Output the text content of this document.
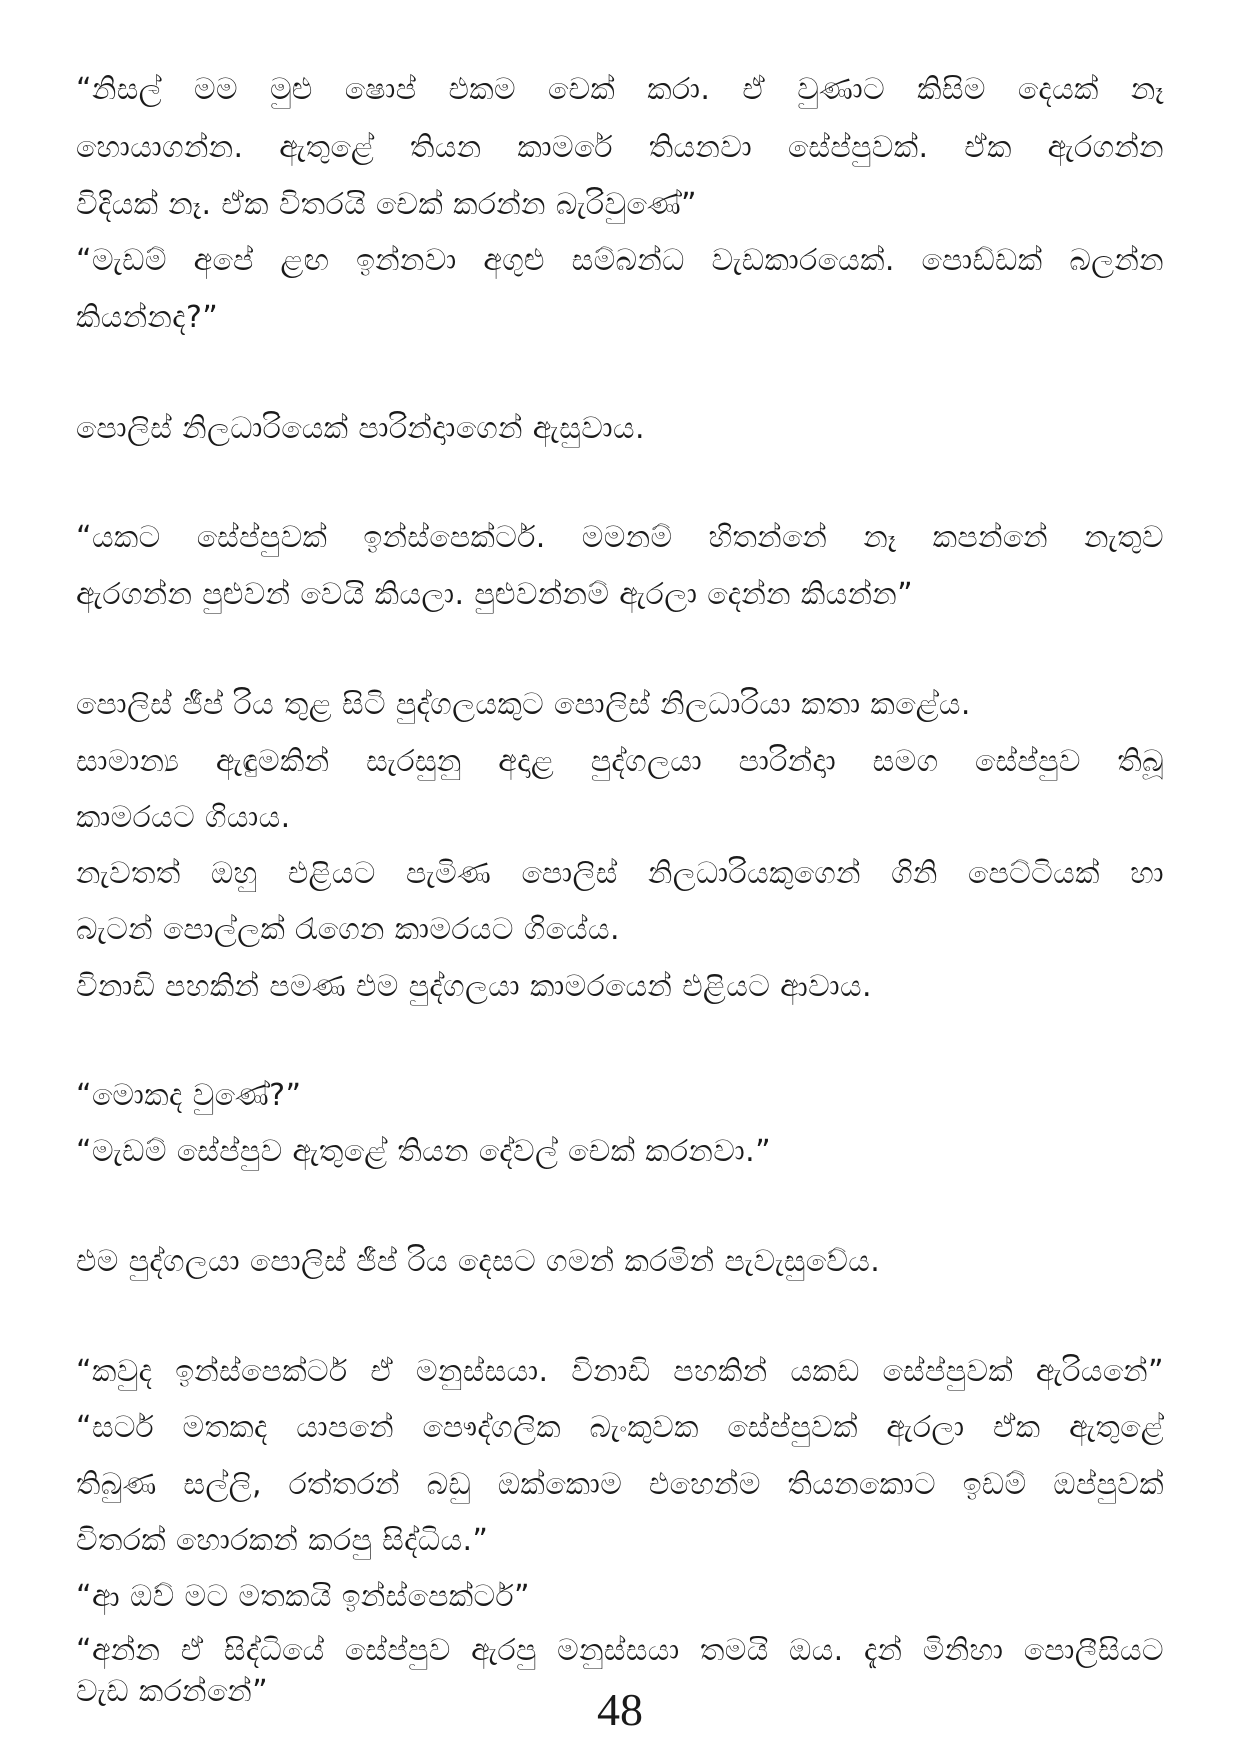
“නිසල් මම මුළු ෂොප් එකම චෙක් කරා. ඒ වුණාට කිසිම දෙයක් නෑ
හොයාගන්න. ඇතුළේ තියන කාමරේ තියනවා සේප්පුවක්. ඒක ඇරගන්න
විදියක් නෑ. ඒක විතරයි චෙක් කරන්න බැරිවුණේ”
“මැඩම් අපේ ළඟ ඉන්නවා අගුළු සම්බන්ධ වැඩකාරයෙක්. පොඩ්ඩක් බලන්න
කියන්නද?”
පොලිස් නිලධාරියෙක් පාරින්දාාගෙන් ඇසුවාය.
“යකට සේප්පුවක් ඉන්ස්පෙක්ටර්. මමනම් හිතන්නේ නෑ කපන්නේ නැතුව
ඇරගන්න පුළුවන් වෙයි කියලා. පුළුවන්නම් ඇරලා දෙන්න කියන්න”
පොලිස් ජීප් රිය තුළ සිටි පුද්ගලයකුට පොලිස් නිලධාරියා කතා කළේය.
සාමාන්‍ය ඇඳුමකින් සැරසුනු අදාළ පුද්ගලයා පාරින්දාා සමග සේප්පුව තිබූ
කාමරයට ගියාය.
නැවතත් ඔහු එළියට පැමිණ පොලිස් නිලධාරියකුගෙන් ගිනි පෙට්ටියක් හා
බැටන් පොල්ලක් රැගෙන කාමරයට ගියේය.
විනාඩි පහකින් පමණ එම පුද්ගලයා කාමරයෙන් එළියට ආවාය.
“මොකද වුණේ?”
“මැඩම් සේප්පුව ඇතුළේ තියන දේවල් චෙක් කරනවා.”
එම පුද්ගලයා පොලිස් ජීප් රිය දෙසට ගමන් කරමින් පැවැසුවේය.
“කවුද ඉන්ස්පෙක්ටර් ඒ මනුස්සයා. විනාඩි පහකින් යකඩ සේප්පුවක් ඇරියනේ”
“සර්ට මතකද යාපනේ පෞද්ගලික බැංකුවක සේප්පුවක් ඇරලා ඒක ඇතුළේ
තිබුණ සල්ලි, රත්තරන් බඩු ඔක්කොම එහෙන්ම තියනකොට ඉඩම් ඔප්පුවක්
විතරක් හොරකන් කරපු සිද්ධිය.”
“ආ ඔව් මට මතකයි ඉන්ස්පෙක්ටර්”
“අන්න ඒ සිද්ධියේ සේප්පුව ඇරපු මනුස්සයා තමයි ඔය. දැන් මිනිහා පොලීසියට
වැඩ කරන්නේ”	48
